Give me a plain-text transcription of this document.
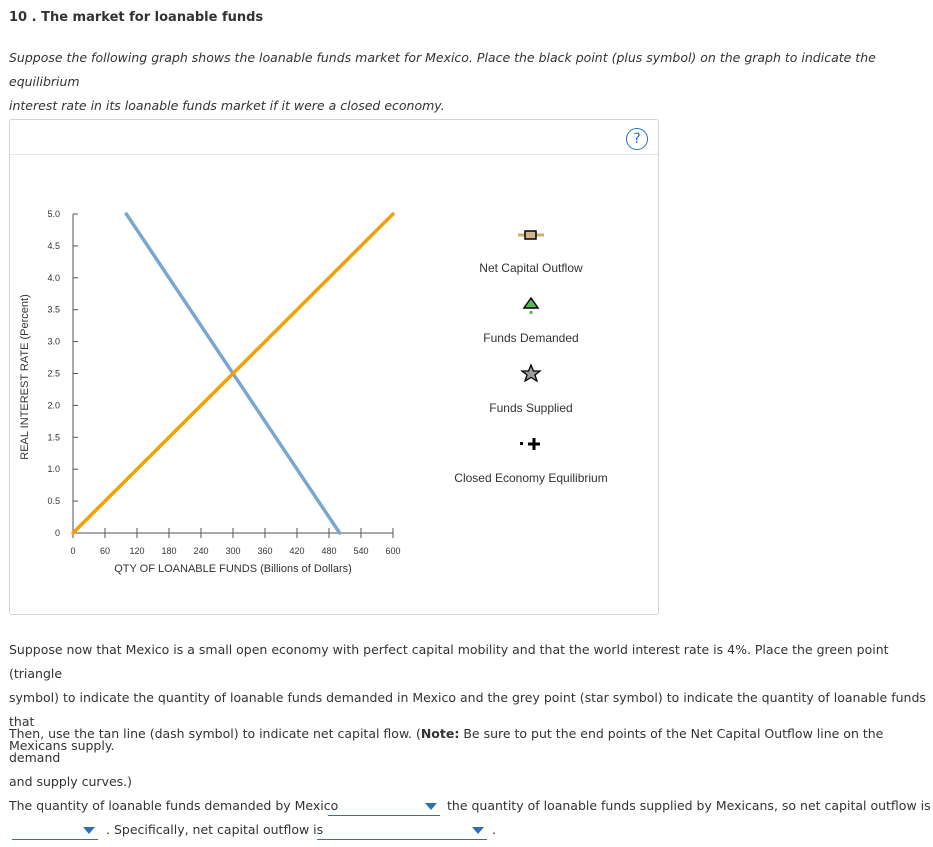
10 . The market for loanable funds
Suppose the following graph shows the loanable funds market for Mexico. Place the black point (plus symbol) on the graph to indicate the equilibrium
interest rate in its loanable funds market if it were a closed economy.
?
0
0.5
1.0
1.5
2.0
2.5
3.0
3.5
4.0
4.5
5.0
0	60 120 180 240 300 360 420 480 540 600
REAL INTEREST RATE (Percent)
QTY OF LOANABLE FUNDS (Billions of Dollars)
Net Capital Outflow
Funds Demanded
Funds Supplied
Closed Economy Equilibrium
Suppose now that Mexico is a small open economy with perfect capital mobility and that the world interest rate is 4%. Place the green point (triangle
symbol) to indicate the quantity of loanable funds demanded in Mexico and the grey point (star symbol) to indicate the quantity of loanable funds that
Mexicans supply.
Then, use the tan line (dash symbol) to indicate net capital flow. (Note: Be sure to put the end points of the Net Capital Outflow line on the demand
and supply curves.)
The quantity of loanable funds demanded by Mexico	the quantity of loanable funds supplied by Mexicans, so net capital outflow is
. Specifically, net capital outflow is	.
